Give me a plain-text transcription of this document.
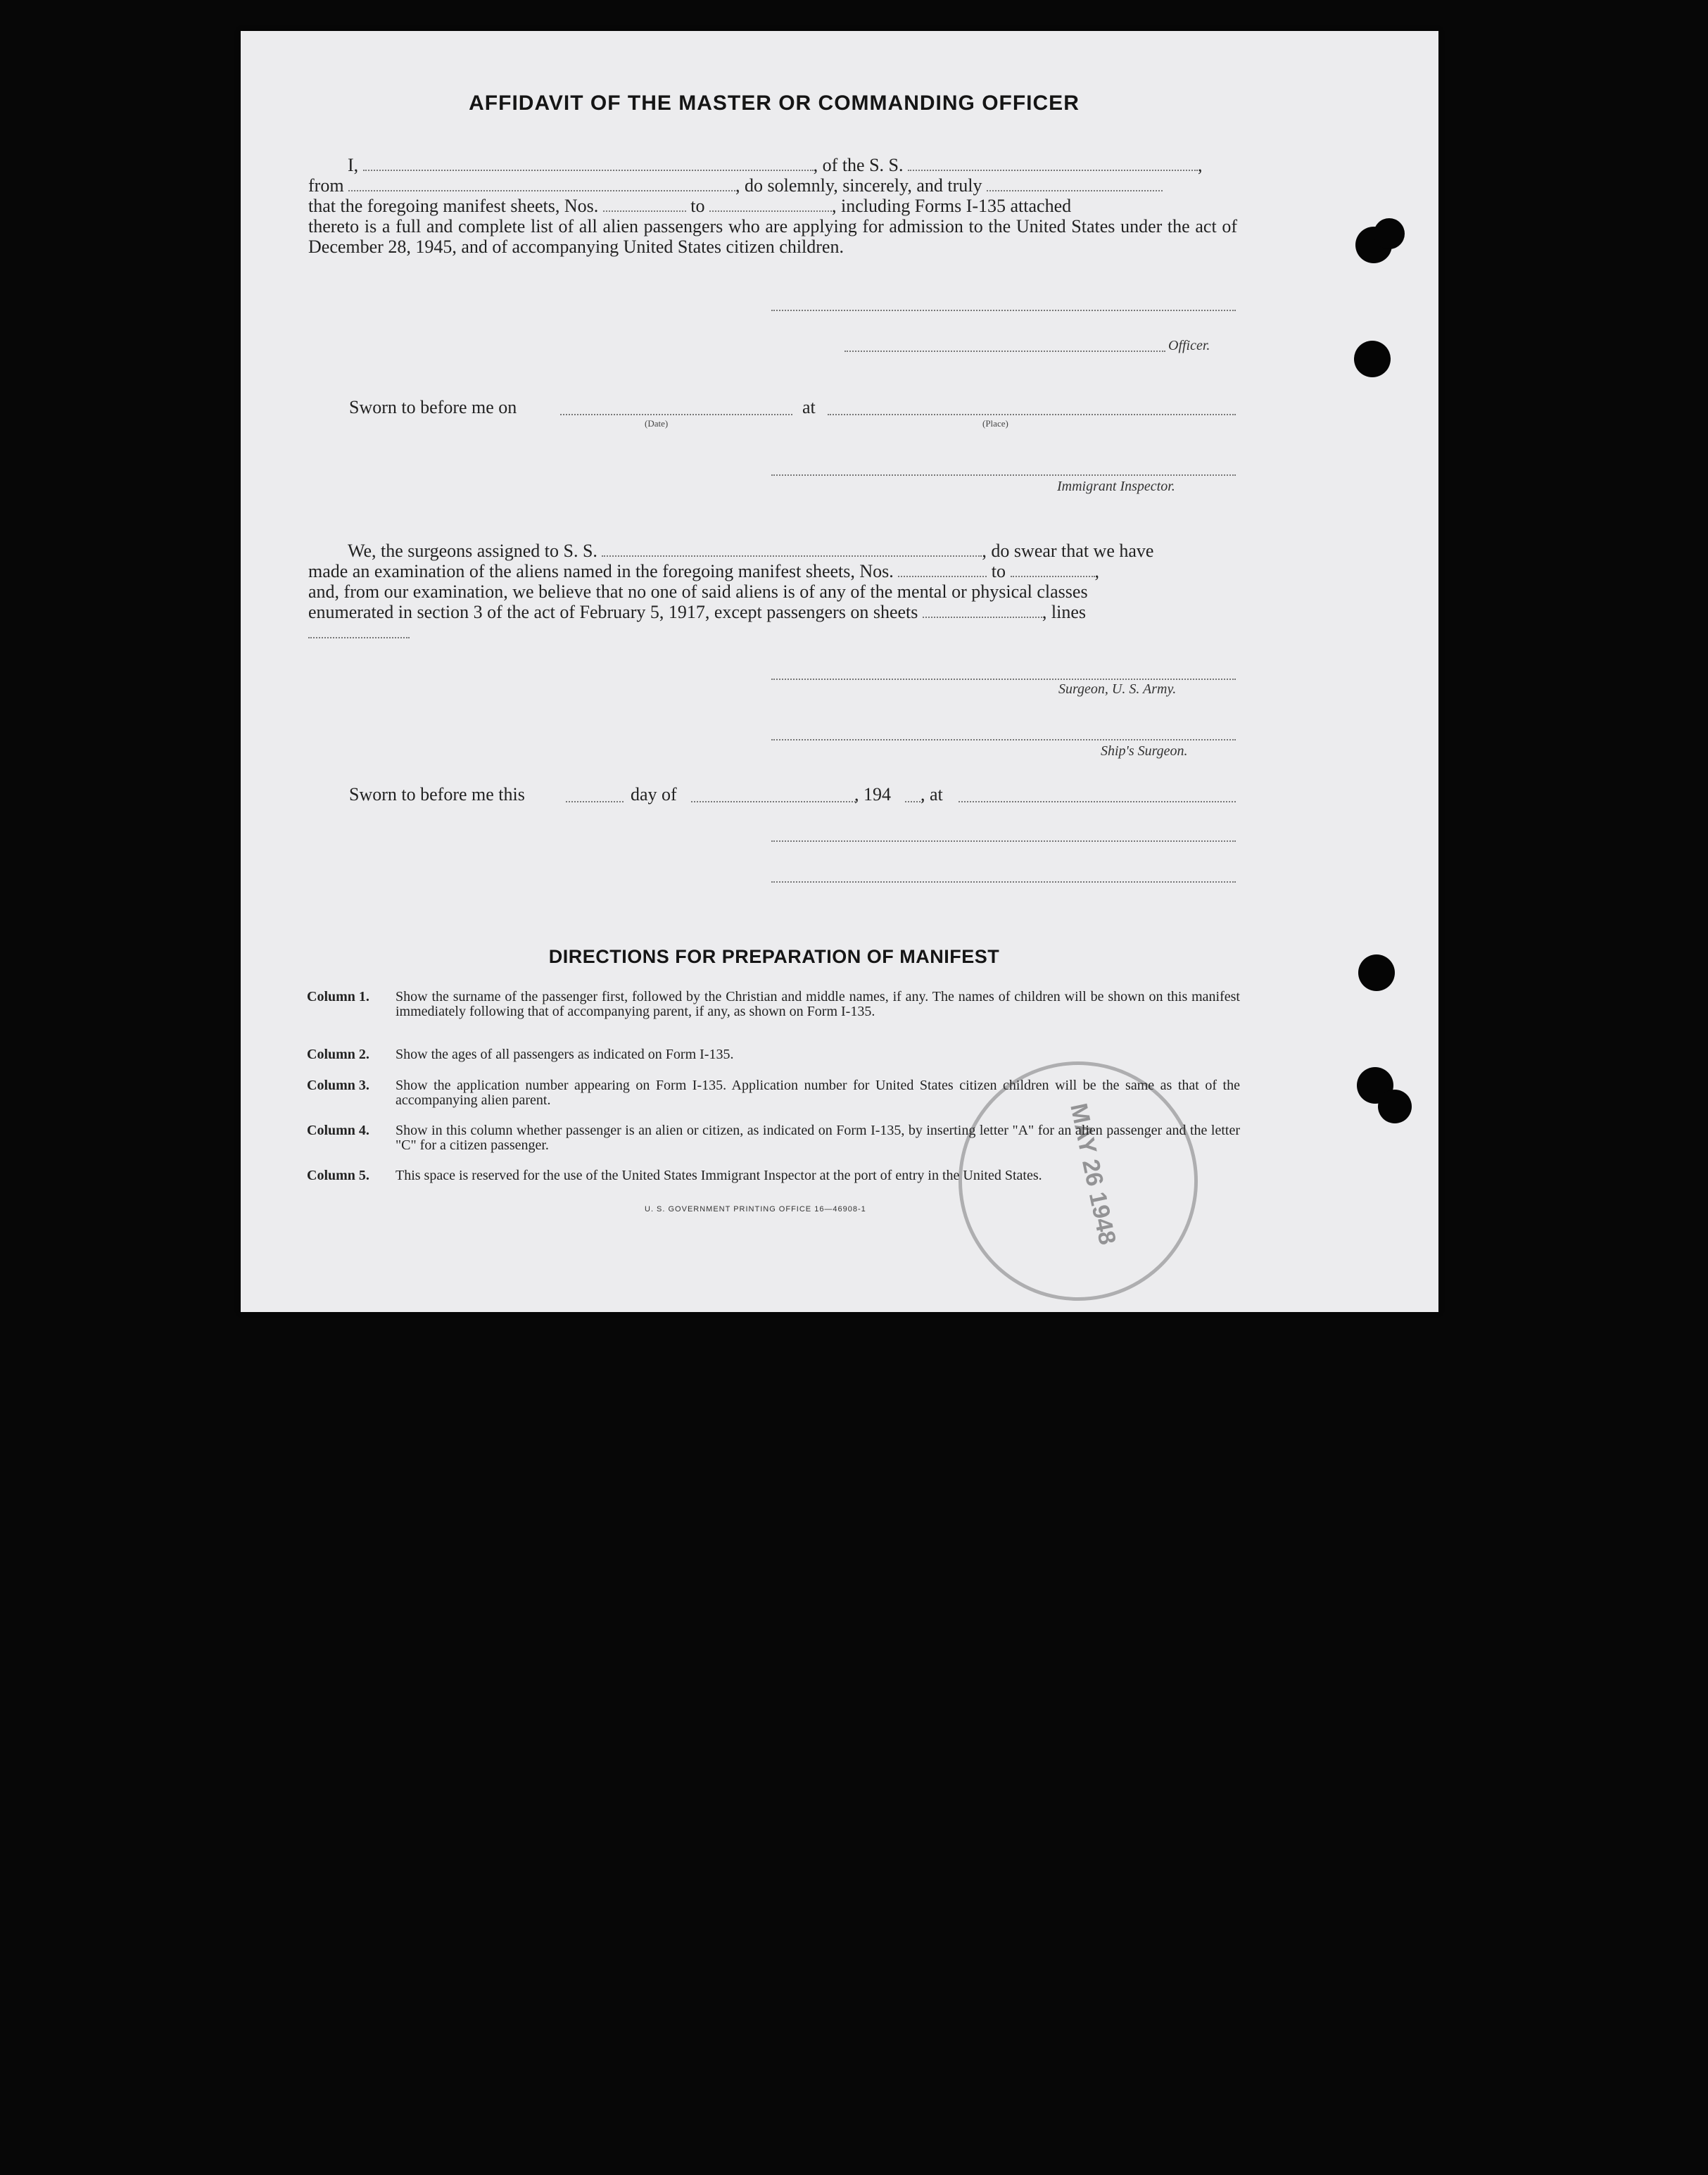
AFFIDAVIT OF THE MASTER OR COMMANDING OFFICER
I,	, of the S. S.	,
from	, do solemnly, sincerely, and truly
that the foregoing manifest sheets, Nos.	to	, including Forms I-135 attached
thereto is a full and complete list of all alien passengers who are applying for admission to the United States under the act of December 28, 1945, and of accompanying United States citizen children.
Officer.
Sworn to before me on
(Date)
at
(Place)
Immigrant Inspector.
We, the surgeons assigned to S. S.	, do swear that we have
made an examination of the aliens named in the foregoing manifest sheets, Nos.	to	,
and, from our examination, we believe that no one of said aliens is of any of the mental or physical classes
enumerated in section 3 of the act of February 5, 1917, except passengers on sheets	, lines
Surgeon, U. S. Army.
Ship's Surgeon.
Sworn to before me this	day of	, 194 , at
DIRECTIONS FOR PREPARATION OF MANIFEST
Column 1.	Show the surname of the passenger first, followed by the Christian and middle names, if any. The names of children will be shown on this manifest immediately following that of accompanying parent, if any, as shown on Form I-135.
Column 2.	Show the ages of all passengers as indicated on Form I-135.
Column 3.	Show the application number appearing on Form I-135. Application number for United States citizen children will be the same as that of the accompanying alien parent.
Column 4.	Show in this column whether passenger is an alien or citizen, as indicated on Form I-135, by inserting letter "A" for an alien passenger and the letter "C" for a citizen passenger.
Column 5.	This space is reserved for the use of the United States Immigrant Inspector at the port of entry in the United States.
U. S. GOVERNMENT PRINTING OFFICE 16—46908-1	MAY 26 1948
